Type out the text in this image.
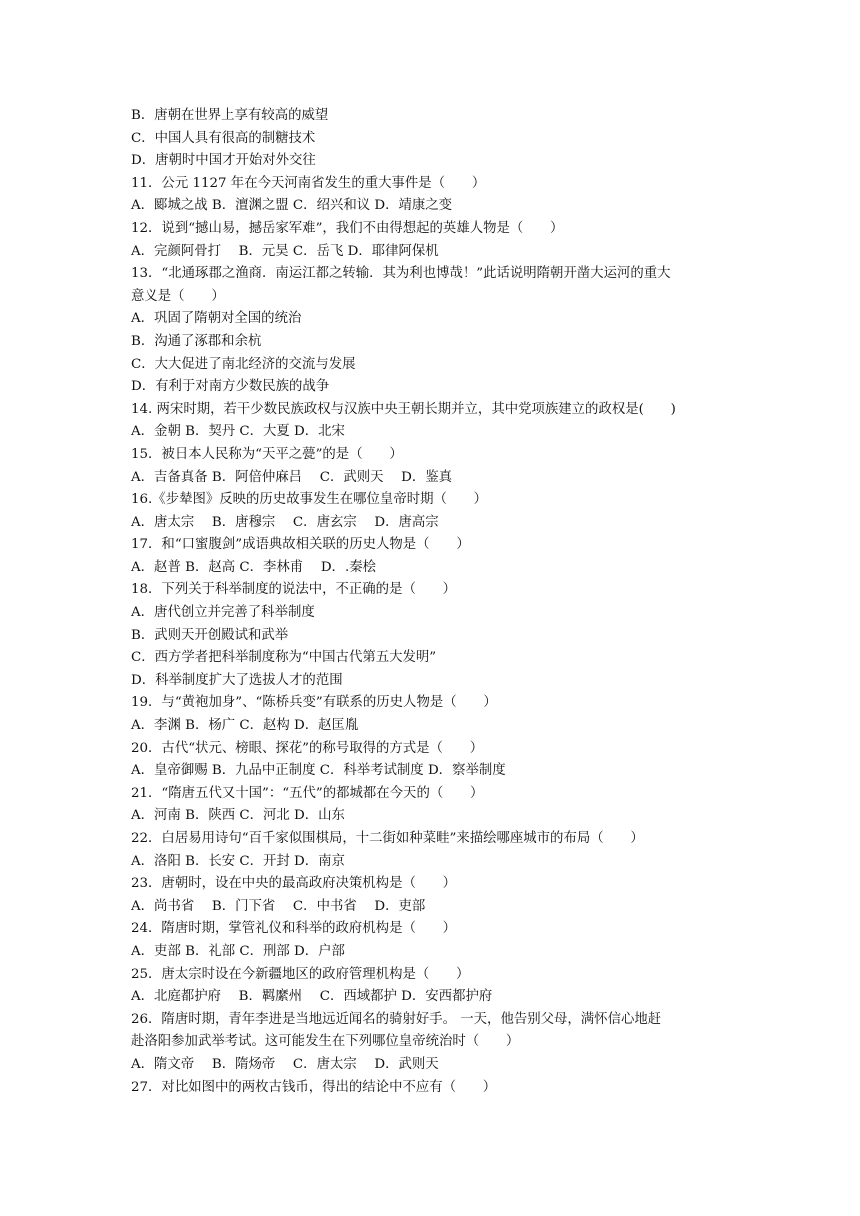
B．唐朝在世界上享有较高的威望
C．中国人具有很高的制糖技术
D．唐朝时中国才开始对外交往
11．公元 1127 年在今天河南省发生的重大事件是（　　）
A．郾城之战 B．澶渊之盟 C．绍兴和议 D．靖康之变
12．说到“撼山易，撼岳家军难”，我们不由得想起的英雄人物是（　　）
A．完颜阿骨打　 B．元昊 C．岳飞 D．耶律阿保机
13．“北通琢郡之渔商．南运江都之转输．其为利也博哉！”此话说明隋朝开凿大运河的重大
意义是（　　）
A．巩固了隋朝对全国的统治
B．沟通了涿郡和余杭
C．大大促进了南北经济的交流与发展
D．有利于对南方少数民族的战争
14. 两宋时期，若干少数民族政权与汉族中央王朝长期并立，其中党项族建立的政权是(　　)
A．金朝 B．契丹 C．大夏 D．北宋
15．被日本人民称为“天平之甍”的是（　　）
A．吉备真备 B．阿倍仲麻吕　 C．武则天　 D．鉴真
16.《步辇图》反映的历史故事发生在哪位皇帝时期（　　）
A．唐太宗　 B．唐穆宗　 C．唐玄宗　 D．唐高宗
17．和“口蜜腹剑”成语典故相关联的历史人物是（　　）
A．赵普 B．赵高 C．李林甫　 D．.秦桧
18．下列关于科举制度的说法中，不正确的是（　　）
A．唐代创立并完善了科举制度
B．武则天开创殿试和武举
C．西方学者把科举制度称为“中国古代第五大发明”
D．科举制度扩大了选拔人才的范围
19．与“黄袍加身”、“陈桥兵变”有联系的历史人物是（　　）
A．李渊 B．杨广 C．赵构 D．赵匡胤
20．古代“状元、榜眼、探花”的称号取得的方式是（　　）
A．皇帝御赐 B．九品中正制度 C．科举考试制度 D．察举制度
21．“隋唐五代又十国”：“五代”的都城都在今天的（　　）
A．河南 B．陕西 C．河北 D．山东
22．白居易用诗句“百千家似围棋局，十二街如种菜畦”来描绘哪座城市的布局（　　）
A．洛阳 B．长安 C．开封 D．南京
23．唐朝时，设在中央的最高政府决策机构是（　　）
A．尚书省　 B．门下省　 C．中书省　 D．吏部
24．隋唐时期，掌管礼仪和科举的政府机构是（　　）
A．吏部 B．礼部 C．刑部 D．户部
25．唐太宗时设在今新疆地区的政府管理机构是（　　）
A．北庭都护府　 B．羁縻州　 C．西域都护 D．安西都护府
26．隋唐时期，青年李进是当地远近闻名的骑射好手。 一天，他告别父母，满怀信心地赶
赴洛阳参加武举考试。这可能发生在下列哪位皇帝统治时（　　）
A．隋文帝　 B．隋炀帝　 C．唐太宗　 D．武则天
27．对比如图中的两枚古钱币，得出的结论中不应有（　　）
